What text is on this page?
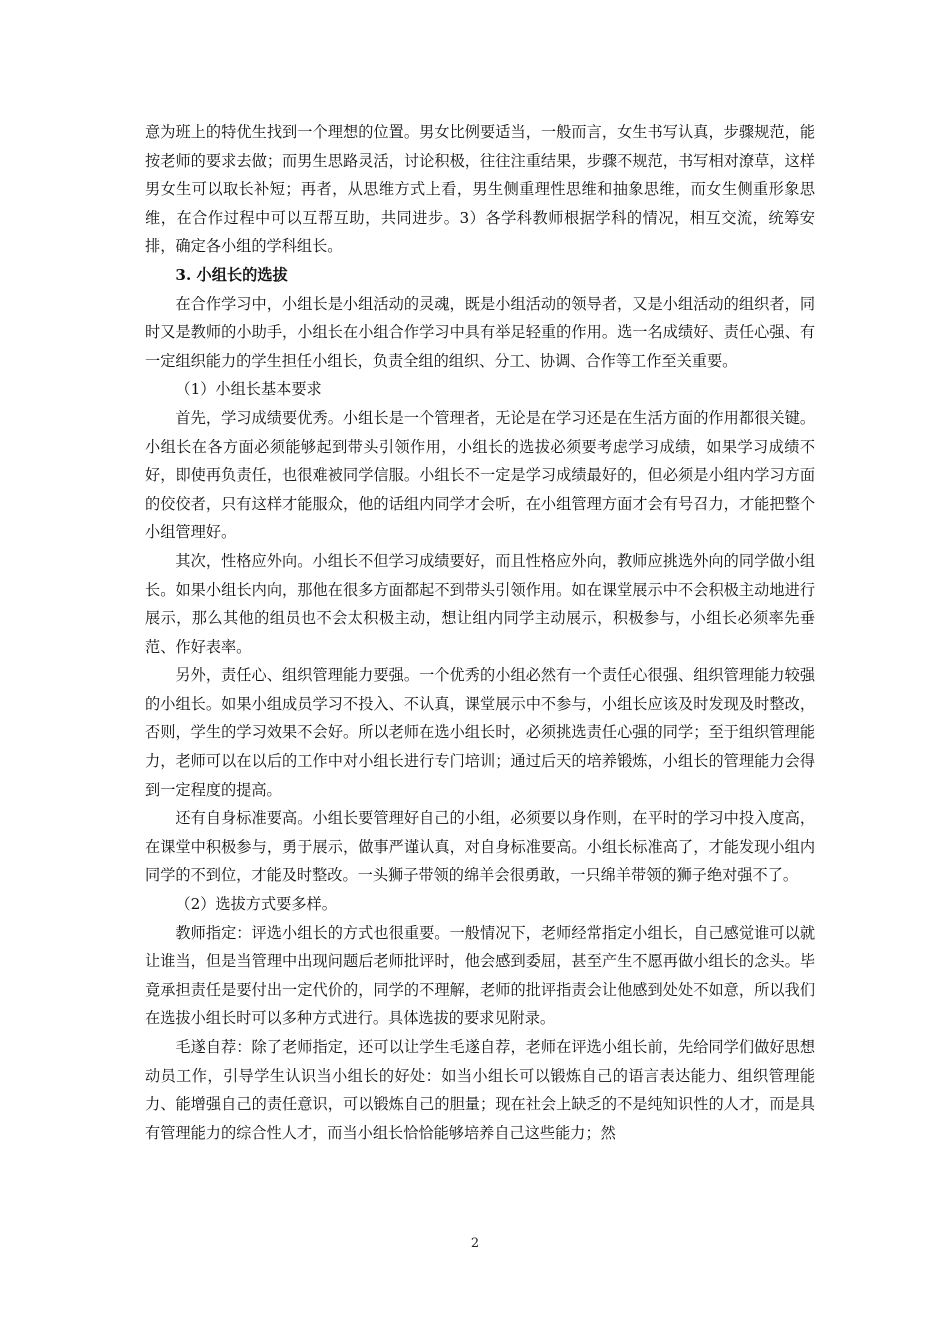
意为班上的特优生找到一个理想的位置。男女比例要适当，一般而言，女生书写认真，步骤规范，能按老师的要求去做；而男生思路灵活，讨论积极，往往注重结果，步骤不规范，书写相对潦草，这样男女生可以取长补短；再者，从思维方式上看，男生侧重理性思维和抽象思维，而女生侧重形象思维，在合作过程中可以互帮互助，共同进步。3）各学科教师根据学科的情况，相互交流，统筹安排，确定各小组的学科组长。

3. 小组长的选拔

在合作学习中，小组长是小组活动的灵魂，既是小组活动的领导者，又是小组活动的组织者，同时又是教师的小助手，小组长在小组合作学习中具有举足轻重的作用。选一名成绩好、责任心强、有一定组织能力的学生担任小组长，负责全组的组织、分工、协调、合作等工作至关重要。

（1）小组长基本要求

首先，学习成绩要优秀。小组长是一个管理者，无论是在学习还是在生活方面的作用都很关键。小组长在各方面必须能够起到带头引领作用，小组长的选拔必须要考虑学习成绩，如果学习成绩不好，即使再负责任，也很难被同学信服。小组长不一定是学习成绩最好的，但必须是小组内学习方面的佼佼者，只有这样才能服众，他的话组内同学才会听，在小组管理方面才会有号召力，才能把整个小组管理好。

其次，性格应外向。小组长不但学习成绩要好，而且性格应外向，教师应挑选外向的同学做小组长。如果小组长内向，那他在很多方面都起不到带头引领作用。如在课堂展示中不会积极主动地进行展示，那么其他的组员也不会太积极主动，想让组内同学主动展示，积极参与，小组长必须率先垂范、作好表率。

另外，责任心、组织管理能力要强。一个优秀的小组必然有一个责任心很强、组织管理能力较强的小组长。如果小组成员学习不投入、不认真，课堂展示中不参与，小组长应该及时发现及时整改，否则，学生的学习效果不会好。所以老师在选小组长时，必须挑选责任心强的同学；至于组织管理能力，老师可以在以后的工作中对小组长进行专门培训；通过后天的培养锻炼，小组长的管理能力会得到一定程度的提高。

还有自身标准要高。小组长要管理好自己的小组，必须要以身作则，在平时的学习中投入度高，在课堂中积极参与，勇于展示，做事严谨认真，对自身标准要高。小组长标准高了，才能发现小组内同学的不到位，才能及时整改。一头狮子带领的绵羊会很勇敢，一只绵羊带领的狮子绝对强不了。

（2）选拔方式要多样。

教师指定：评选小组长的方式也很重要。一般情况下，老师经常指定小组长，自己感觉谁可以就让谁当，但是当管理中出现问题后老师批评时，他会感到委屈，甚至产生不愿再做小组长的念头。毕竟承担责任是要付出一定代价的，同学的不理解，老师的批评指责会让他感到处处不如意，所以我们在选拔小组长时可以多种方式进行。具体选拔的要求见附录。

毛遂自荐：除了老师指定，还可以让学生毛遂自荐，老师在评选小组长前，先给同学们做好思想动员工作，引导学生认识当小组长的好处：如当小组长可以锻炼自己的语言表达能力、组织管理能力、能增强自己的责任意识，可以锻炼自己的胆量；现在社会上缺乏的不是纯知识性的人才，而是具有管理能力的综合性人才，而当小组长恰恰能够培养自己这些能力；然

2
